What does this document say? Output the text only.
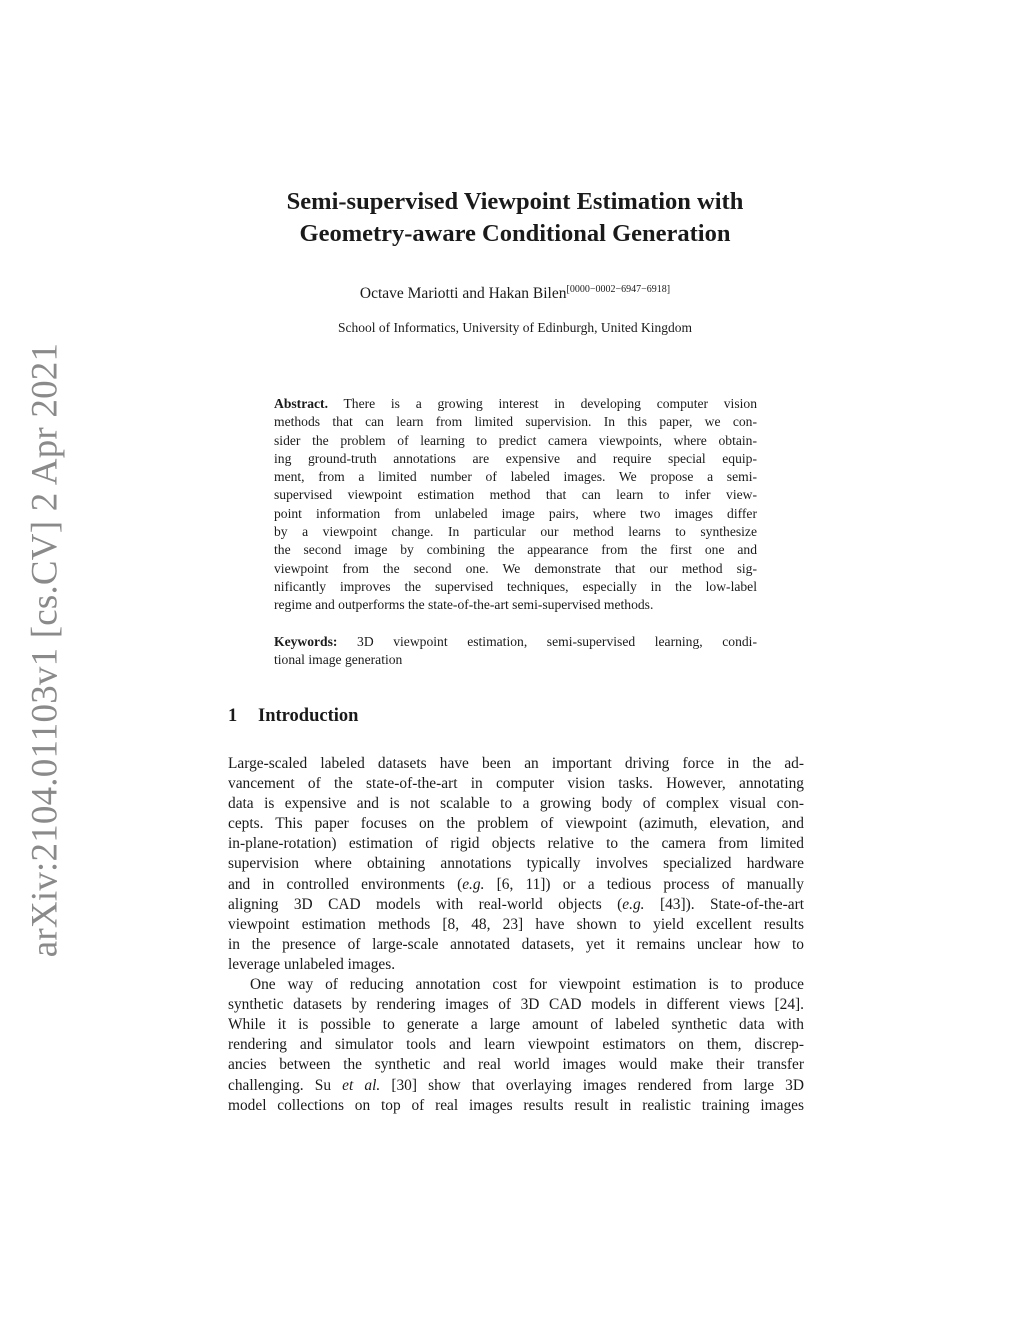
arXiv:2104.01103v1 [cs.CV] 2 Apr 2021
Semi-supervised Viewpoint Estimation with
Geometry-aware Conditional Generation
Octave Mariotti and Hakan Bilen[0000−0002−6947−6918]
School of Informatics, University of Edinburgh, United Kingdom
Abstract. There is a growing interest in developing computer vision
methods that can learn from limited supervision. In this paper, we con-
sider the problem of learning to predict camera viewpoints, where obtain-
ing ground-truth annotations are expensive and require special equip-
ment, from a limited number of labeled images. We propose a semi-
supervised viewpoint estimation method that can learn to infer view-
point information from unlabeled image pairs, where two images differ
by a viewpoint change. In particular our method learns to synthesize
the second image by combining the appearance from the first one and
viewpoint from the second one. We demonstrate that our method sig-
nificantly improves the supervised techniques, especially in the low-label
regime and outperforms the state-of-the-art semi-supervised methods.
Keywords: 3D viewpoint estimation, semi-supervised learning, condi-
tional image generation
1 Introduction

Large-scaled labeled datasets have been an important driving force in the ad-
vancement of the state-of-the-art in computer vision tasks. However, annotating
data is expensive and is not scalable to a growing body of complex visual con-
cepts. This paper focuses on the problem of viewpoint (azimuth, elevation, and
in-plane-rotation) estimation of rigid objects relative to the camera from limited
supervision where obtaining annotations typically involves specialized hardware
and in controlled environments (e.g. [6, 11]) or a tedious process of manually
aligning 3D CAD models with real-world objects (e.g. [43]). State-of-the-art
viewpoint estimation methods [8, 48, 23] have shown to yield excellent results
in the presence of large-scale annotated datasets, yet it remains unclear how to
leverage unlabeled images.

One way of reducing annotation cost for viewpoint estimation is to produce
synthetic datasets by rendering images of 3D CAD models in different views [24].
While it is possible to generate a large amount of labeled synthetic data with
rendering and simulator tools and learn viewpoint estimators on them, discrep-
ancies between the synthetic and real world images would make their transfer
challenging. Su et al. [30] show that overlaying images rendered from large 3D
model collections on top of real images results result in realistic training images
